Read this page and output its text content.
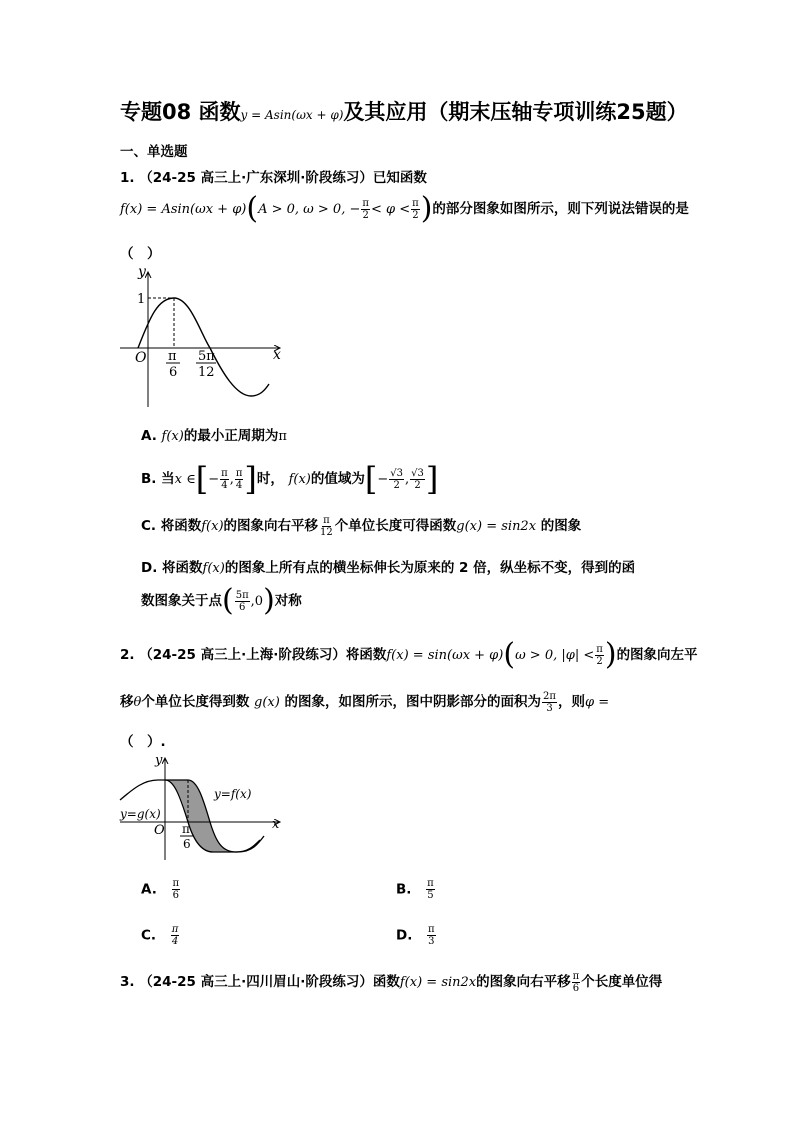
专题08 函数y = Asin(ωx + φ)及其应用（期末压轴专项训练25题）
一、单选题
1. （24-25 高三上·广东深圳·阶段练习）已知函数
f(x) = Asin(ωx + φ)(A > 0, ω > 0, − $\frac{\pi}{2} < \varphi < \frac{\pi}{2}$ )的部分图象如图所示，则下列说法错误的是
（　）
y
x
O
1
π
6
5π
12
A. f(x)的最小正周期为π
B. 当x ∈[− $\frac{\pi}{4}$ , $\frac{\pi}{4}$ ]时， f(x)的值域为[− $\frac{√3}{2}$ , $\frac{√3}{2}$ ]
C. 将函数f(x)的图象向右平移 $\frac{\pi}{12}$ 个单位长度可得函数g(x) = sin2x 的图象
D. 将函数f(x)的图象上所有点的横坐标伸长为原来的 2 倍，纵坐标不变，得到的函
数图象关于点( $\frac{5\pi}{6} ,0$)对称
2. （24-25 高三上·上海·阶段练习）将函数f(x) = sin(ωx + φ)(ω > 0, $|\varphi| < \frac{\pi}{2}$ )的图象向左平
移θ个单位长度得到数 g(x) 的图象，如图所示，图中阴影部分的面积为 $\frac{2\pi}{3}$ ，则φ =
（　）.
y
x
O
y=f(x)
y=g(x)
π
6
A. $\frac{\pi}{6}$	B. $\frac{\pi}{5}$
C. $\frac{\pi}{4}$	D. $\frac{\pi}{3}$
3. （24-25 高三上·四川眉山·阶段练习）函数f(x) = sin2x的图象向右平移 $\frac{\pi}{6}$ 个长度单位得
